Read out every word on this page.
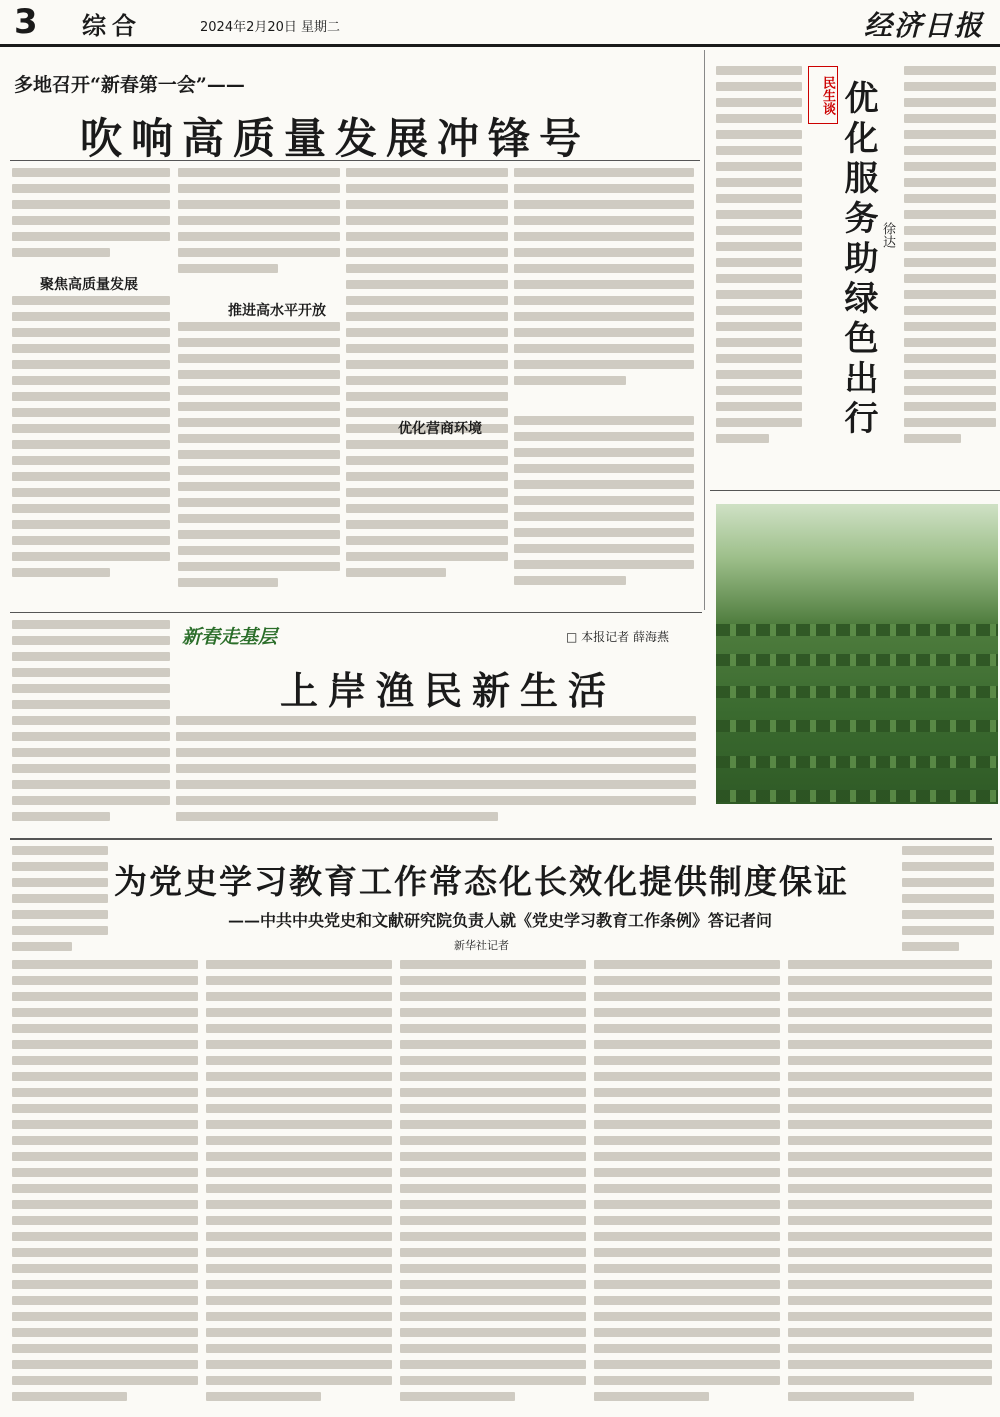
3 综合	2024年2月20日 星期二	经济日报
多地召开“新春第一会”——
吹响高质量发展冲锋号
聚焦高质量发展
推进高水平开放
优化营商环境
民生谈 优化服务助绿色出行 徐达
新春走基层	□ 本报记者 薛海燕
上岸渔民新生活
为党史学习教育工作常态化长效化提供制度保证
——中共中央党史和文献研究院负责人就《党史学习教育工作条例》答记者问
新华社记者
